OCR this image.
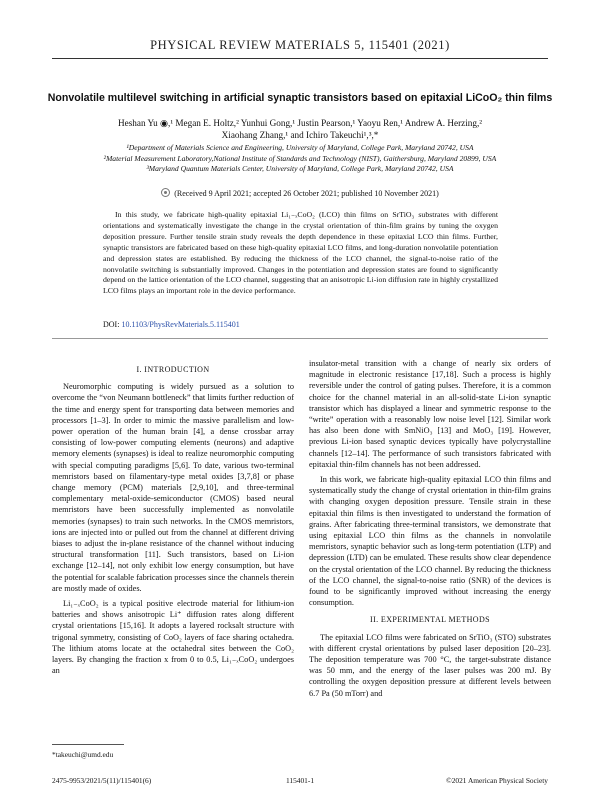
PHYSICAL REVIEW MATERIALS 5, 115401 (2021)
Nonvolatile multilevel switching in artificial synaptic transistors based on epitaxial LiCoO₂ thin films
Heshan Yu ◉,¹ Megan E. Holtz,² Yunhui Gong,¹ Justin Pearson,¹ Yaoyu Ren,¹ Andrew A. Herzing,²
Xiaohang Zhang,¹ and Ichiro Takeuchi¹,³,*
¹Department of Materials Science and Engineering, University of Maryland, College Park, Maryland 20742, USA
²Material Measurement Laboratory,National Institute of Standards and Technology (NIST), Gaithersburg, Maryland 20899, USA
³Maryland Quantum Materials Center, University of Maryland, College Park, Maryland 20742, USA
(Received 9 April 2021; accepted 26 October 2021; published 10 November 2021)
In this study, we fabricate high-quality epitaxial Li₁₋ₓCoO₂ (LCO) thin films on SrTiO₃ substrates with different orientations and systematically investigate the change in the crystal orientation of thin-film grains by tuning the oxygen deposition pressure. Further tensile strain study reveals the depth dependence in these epitaxial LCO thin films. Further, synaptic transistors are fabricated based on these high-quality epitaxial LCO films, and long-duration nonvolatile potentiation and depression states are established. By reducing the thickness of the LCO channel, the signal-to-noise ratio of the nonvolatile switching is substantially improved. Changes in the potentiation and depression states are found to significantly depend on the lattice orientation of the LCO channel, suggesting that an anisotropic Li-ion diffusion rate in highly crystallized LCO films plays an important role in the device performance.
DOI: 10.1103/PhysRevMaterials.5.115401
I. INTRODUCTION

Neuromorphic computing is widely pursued as a solution to overcome the “von Neumann bottleneck” that limits further reduction of the time and energy spent for transporting data between memories and processors [1–3]. In order to mimic the massive parallelism and low-power operation of the human brain [4], a dense crossbar array consisting of low-power computing elements (neurons) and adaptive memory elements (synapses) is ideal to realize neuromorphic computing with special computing paradigms [5,6]. To date, various two-terminal memristors based on filamentary-type metal oxides [3,7,8] or phase change memory (PCM) materials [2,9,10], and three-terminal complementary metal-oxide-semiconductor (CMOS) based neural memristors have been successfully implemented as nonvolatile memories (synapses) to train such networks. In the CMOS memristors, ions are injected into or pulled out from the channel at different driving biases to adjust the in-plane resistance of the channel without inducing structural transformation [11]. Such transistors, based on Li-ion exchange [12–14], not only exhibit low energy consumption, but have the potential for scalable fabrication processes since the channels therein are mostly made of oxides.

Li₁₋ₓCoO₂ is a typical positive electrode material for lithium-ion batteries and shows anisotropic Li⁺ diffusion rates along different crystal orientations [15,16]. It adopts a layered rocksalt structure with trigonal symmetry, consisting of CoO₂ layers of face sharing octahedra. The lithium atoms locate at the octahedral sites between the CoO₂ layers. By changing the fraction x from 0 to 0.5, Li₁₋ₓCoO₂ undergoes an

insulator-metal transition with a change of nearly six orders of magnitude in electronic resistance [17,18]. Such a process is highly reversible under the control of gating pulses. Therefore, it is a common choice for the channel material in an all-solid-state Li-ion synaptic transistor which has displayed a linear and symmetric response to the “write” operation with a reasonably low noise level [12]. Similar work has also been done with SmNiO₃ [13] and MoO₃ [19]. However, previous Li-ion based synaptic devices typically have polycrystalline channels [12–14]. The performance of such transistors fabricated with epitaxial thin-film channels has not been addressed.

In this work, we fabricate high-quality epitaxial LCO thin films and systematically study the change of crystal orientation in thin-film grains with changing oxygen deposition pressure. Tensile strain in these epitaxial thin films is then investigated to understand the formation of grains. After fabricating three-terminal transistors, we demonstrate that using epitaxial LCO thin films as the channels in nonvolatile memristors, synaptic behavior such as long-term potentiation (LTP) and depression (LTD) can be emulated. These results show clear dependence on the crystal orientation of the LCO channel. By reducing the thickness of the LCO channel, the signal-to-noise ratio (SNR) of the devices is found to be significantly improved without increasing the energy consumption.

II. EXPERIMENTAL METHODS

The epitaxial LCO films were fabricated on SrTiO₃ (STO) substrates with different crystal orientations by pulsed laser deposition [20–23]. The deposition temperature was 700 °C, the target-substrate distance was 50 mm, and the energy of the laser pulses was 200 mJ. By controlling the oxygen deposition pressure at different levels between 6.7 Pa (50 mTorr) and

*takeuchi@umd.edu
2475-9953/2021/5(11)/115401(6)	115401-1	©2021 American Physical Society
